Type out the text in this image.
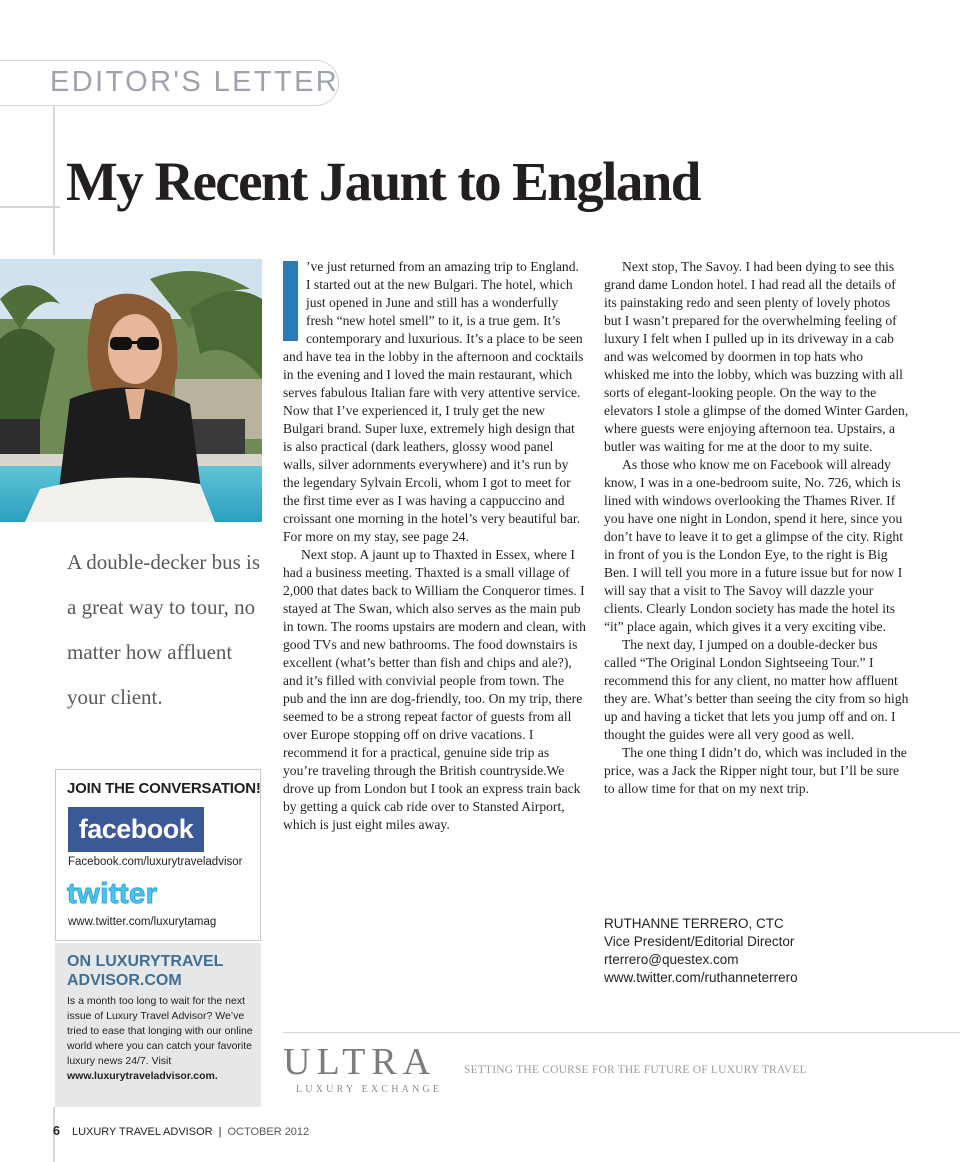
EDITOR'S LETTER
My Recent Jaunt to England

A double-decker bus is a great way to tour, no matter how affluent your client.

JOIN THE CONVERSATION!
facebook
Facebook.com/luxurytraveladvisor
twitter
www.twitter.com/luxurytamag
ON LUXURYTRAVEL ADVISOR.COM

Is a month too long to wait for the next issue of Luxury Travel Advisor? We’ve tried to ease that longing with our online world where you can catch your favorite luxury news 24/7. Visit www.luxurytraveladvisor.com.

’ve just returned from an amazing trip to England. I started out at the new Bulgari. The hotel, which just opened in June and still has a wonderfully fresh “new hotel smell” to it, is a true gem. It’s contemporary and luxurious. It’s a place to be seen and have tea in the lobby in the afternoon and cocktails in the evening and I loved the main restaurant, which serves fabulous Italian fare with very attentive service. Now that I’ve experienced it, I truly get the new Bulgari brand. Super luxe, extremely high design that is also practical (dark leathers, glossy wood panel walls, silver adornments everywhere) and it’s run by the legendary Sylvain Ercoli, whom I got to meet for the first time ever as I was having a cappuccino and croissant one morning in the hotel’s very beautiful bar. For more on my stay, see page 24.

Next stop. A jaunt up to Thaxted in Essex, where I had a business meeting. Thaxted is a small village of 2,000 that dates back to William the Conqueror times. I stayed at The Swan, which also serves as the main pub in town. The rooms upstairs are modern and clean, with good TVs and new bathrooms. The food downstairs is excellent (what’s better than fish and chips and ale?), and it’s filled with convivial people from town. The pub and the inn are dog-friendly, too. On my trip, there seemed to be a strong repeat factor of guests from all over Europe stopping off on drive vacations. I recommend it for a practical, genuine side trip as you’re traveling through the British countryside.We drove up from London but I took an express train back by getting a quick cab ride over to Stansted Airport, which is just eight miles away.

Next stop, The Savoy. I had been dying to see this grand dame London hotel. I had read all the details of its painstaking redo and seen plenty of lovely photos but I wasn’t prepared for the overwhelming feeling of luxury I felt when I pulled up in its driveway in a cab and was welcomed by doormen in top hats who whisked me into the lobby, which was buzzing with all sorts of elegant-looking people. On the way to the elevators I stole a glimpse of the domed Winter Garden, where guests were enjoying afternoon tea. Upstairs, a butler was waiting for me at the door to my suite.

As those who know me on Facebook will already know, I was in a one-bedroom suite, No. 726, which is lined with windows overlooking the Thames River. If you have one night in London, spend it here, since you don’t have to leave it to get a glimpse of the city. Right in front of you is the London Eye, to the right is Big Ben. I will tell you more in a future issue but for now I will say that a visit to The Savoy will dazzle your clients. Clearly London society has made the hotel its “it” place again, which gives it a very exciting vibe.

The next day, I jumped on a double-decker bus called “The Original London Sightseeing Tour.” I recommend this for any client, no matter how affluent they are. What’s better than seeing the city from so high up and having a ticket that lets you jump off and on. I thought the guides were all very good as well.

The one thing I didn’t do, which was included in the price, was a Jack the Ripper night tour, but I’ll be sure to allow time for that on my next trip.

RUTHANNE TERRERO, CTC
Vice President/Editorial Director
rterrero@questex.com
www.twitter.com/ruthanneterrero
ULTRA
LUXURY EXCHANGE
SETTING THE COURSE FOR THE FUTURE OF LUXURY TRAVEL
6 LUXURY TRAVEL ADVISOR | OCTOBER 2012
